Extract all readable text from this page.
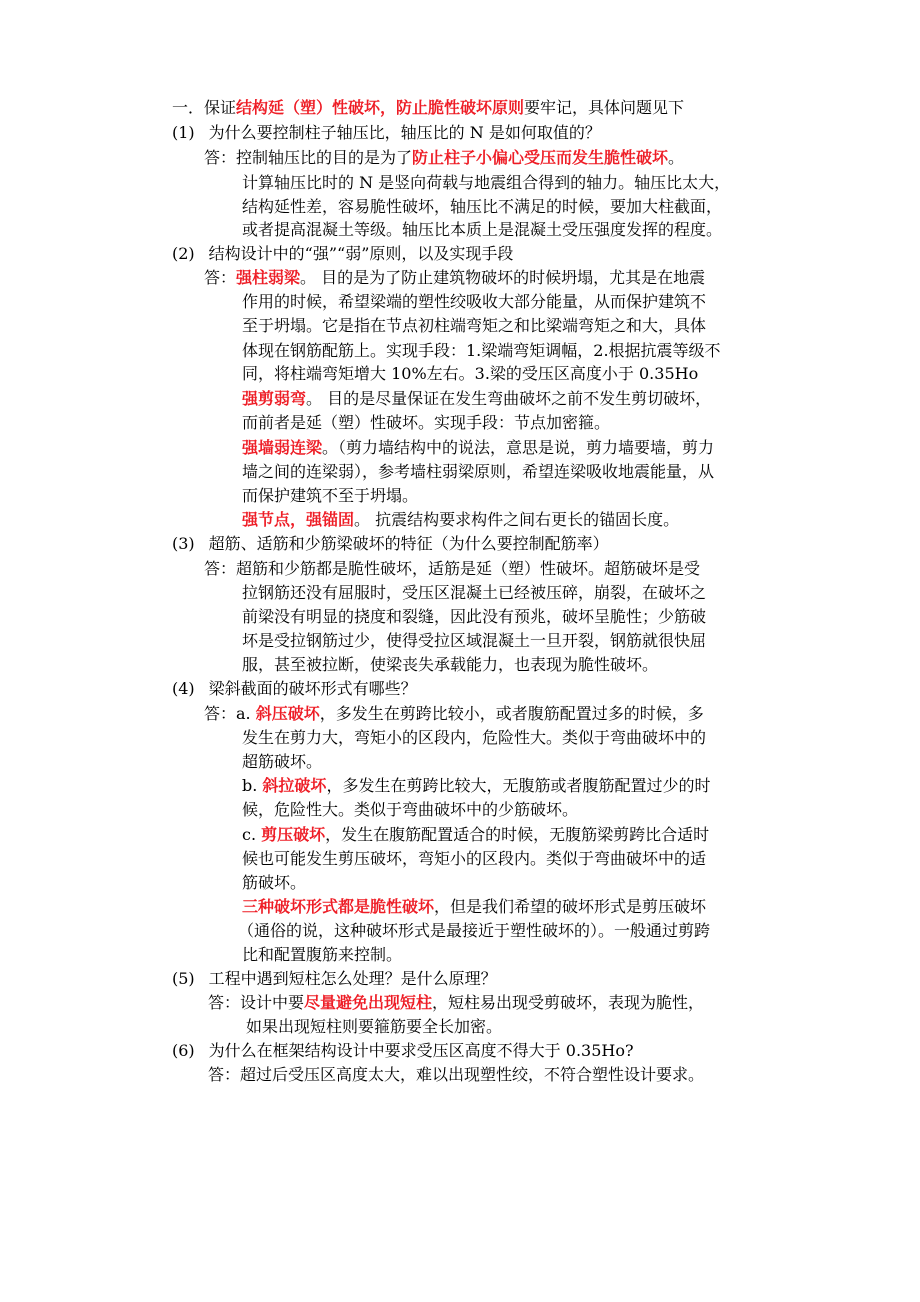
一．保证结构延（塑）性破坏，防止脆性破坏原则要牢记，具体问题见下
(1) 为什么要控制柱子轴压比，轴压比的 N 是如何取值的？
答：控制轴压比的目的是为了防止柱子小偏心受压而发生脆性破坏。
计算轴压比时的 N 是竖向荷载与地震组合得到的轴力。轴压比太大，
结构延性差，容易脆性破坏，轴压比不满足的时候，要加大柱截面，
或者提高混凝土等级。轴压比本质上是混凝土受压强度发挥的程度。
(2) 结构设计中的“强”“弱”原则，以及实现手段
答：强柱弱梁。 目的是为了防止建筑物破坏的时候坍塌，尤其是在地震
作用的时候，希望梁端的塑性绞吸收大部分能量，从而保护建筑不
至于坍塌。它是指在节点初柱端弯矩之和比梁端弯矩之和大，具体
体现在钢筋配筋上。实现手段：1.梁端弯矩调幅，2.根据抗震等级不
同，将柱端弯矩增大 10%左右。3.梁的受压区高度小于 0.35Ho
强剪弱弯。 目的是尽量保证在发生弯曲破坏之前不发生剪切破坏，
而前者是延（塑）性破坏。实现手段：节点加密箍。
强墙弱连梁。（剪力墙结构中的说法，意思是说，剪力墙要墙，剪力
墙之间的连梁弱），参考墙柱弱梁原则，希望连梁吸收地震能量，从
而保护建筑不至于坍塌。
强节点，强锚固。 抗震结构要求构件之间右更长的锚固长度。
(3) 超筋、适筋和少筋梁破坏的特征（为什么要控制配筋率）
答：超筋和少筋都是脆性破坏，适筋是延（塑）性破坏。超筋破坏是受
拉钢筋还没有屈服时，受压区混凝土已经被压碎，崩裂，在破坏之
前梁没有明显的挠度和裂缝，因此没有预兆，破坏呈脆性；少筋破
坏是受拉钢筋过少，使得受拉区域混凝土一旦开裂，钢筋就很快屈
服，甚至被拉断，使梁丧失承载能力，也表现为脆性破坏。
(4) 梁斜截面的破坏形式有哪些？
答：a. 斜压破坏，多发生在剪跨比较小，或者腹筋配置过多的时候，多
发生在剪力大，弯矩小的区段内，危险性大。类似于弯曲破坏中的
超筋破坏。
b. 斜拉破坏，多发生在剪跨比较大，无腹筋或者腹筋配置过少的时
候，危险性大。类似于弯曲破坏中的少筋破坏。
c. 剪压破坏，发生在腹筋配置适合的时候，无腹筋梁剪跨比合适时
候也可能发生剪压破坏，弯矩小的区段内。类似于弯曲破坏中的适
筋破坏。
三种破坏形式都是脆性破坏，但是我们希望的破坏形式是剪压破坏
（通俗的说，这种破坏形式是最接近于塑性破坏的）。一般通过剪跨
比和配置腹筋来控制。
(5) 工程中遇到短柱怎么处理？是什么原理？
答：设计中要尽量避免出现短柱，短柱易出现受剪破坏，表现为脆性，
如果出现短柱则要箍筋要全长加密。
(6) 为什么在框架结构设计中要求受压区高度不得大于 0.35Ho?
答：超过后受压区高度太大，难以出现塑性绞，不符合塑性设计要求。
